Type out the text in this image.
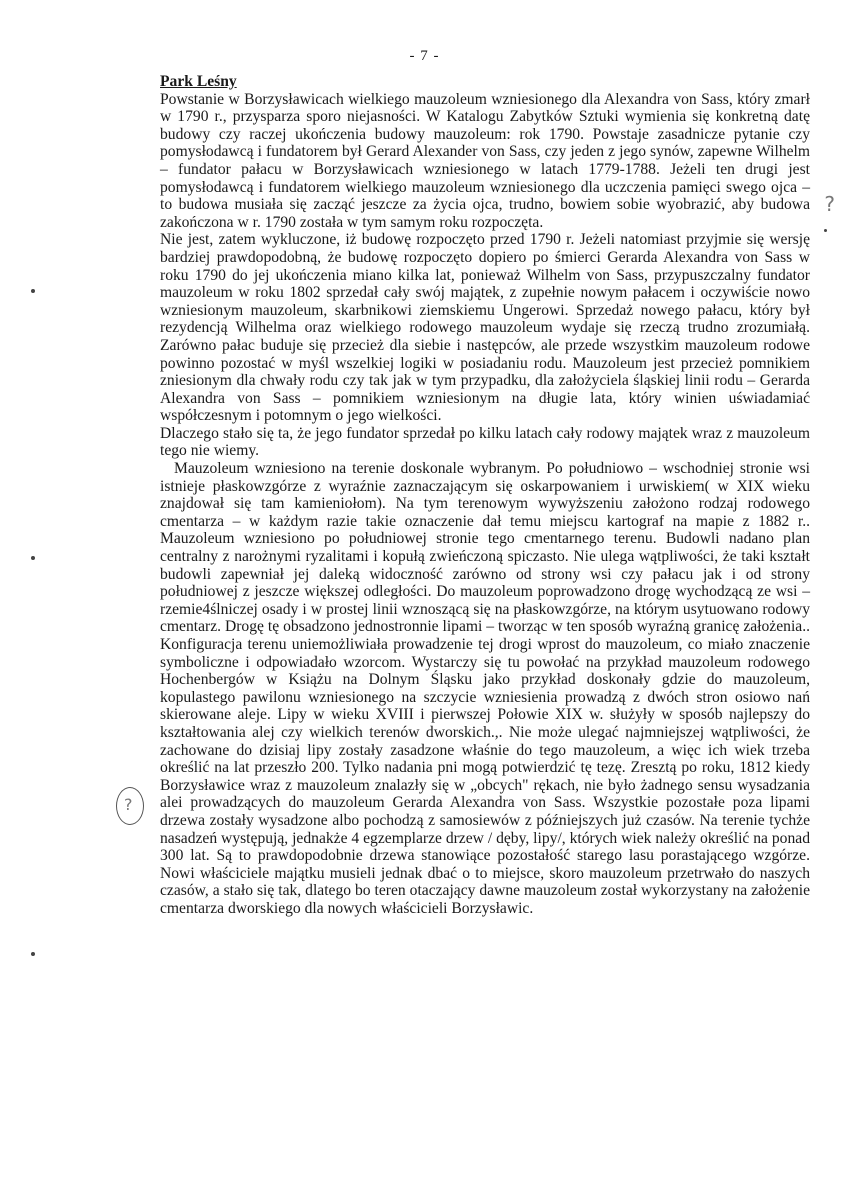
- 7 -

Park Leśny

Powstanie w Borzysławicach wielkiego mauzoleum wzniesionego dla Alexandra von Sass, który zmarł w 1790 r., przysparza sporo niejasności. W Katalogu Zabytków Sztuki wymienia się konkretną datę budowy czy raczej ukończenia budowy mauzoleum: rok 1790. Powstaje zasadnicze pytanie czy pomysłodawcą i fundatorem był Gerard Alexander von Sass, czy jeden z jego synów, zapewne Wilhelm – fundator pałacu w Borzysławicach wzniesionego w latach 1779-1788. Jeżeli ten drugi jest pomysłodawcą i fundatorem wielkiego mauzoleum wzniesionego dla uczczenia pamięci swego ojca – to budowa musiała się zacząć jeszcze za życia ojca, trudno, bowiem sobie wyobrazić, aby budowa zakończona w r. 1790 została w tym samym roku rozpoczęta.

Nie jest, zatem wykluczone, iż budowę rozpoczęto przed 1790 r. Jeżeli natomiast przyjmie się wersję bardziej prawdopodobną, że budowę rozpoczęto dopiero po śmierci Gerarda Alexandra von Sass w roku 1790 do jej ukończenia miano kilka lat, ponieważ Wilhelm von Sass, przypuszczalny fundator mauzoleum w roku 1802 sprzedał cały swój majątek, z zupełnie nowym pałacem i oczywiście nowo wzniesionym mauzoleum, skarbnikowi ziemskiemu Ungerowi. Sprzedaż nowego pałacu, który był rezydencją Wilhelma oraz wielkiego rodowego mauzoleum wydaje się rzeczą trudno zrozumiałą. Zarówno pałac buduje się przecież dla siebie i następców, ale przede wszystkim mauzoleum rodowe powinno pozostać w myśl wszelkiej logiki w posiadaniu rodu. Mauzoleum jest przecież pomnikiem zniesionym dla chwały rodu czy tak jak w tym przypadku, dla założyciela śląskiej linii rodu – Gerarda Alexandra von Sass – pomnikiem wzniesionym na długie lata, który winien uświadamiać współczesnym i potomnym o jego wielkości.

Dlaczego stało się ta, że jego fundator sprzedał po kilku latach cały rodowy majątek wraz z mauzoleum tego nie wiemy.

Mauzoleum wzniesiono na terenie doskonale wybranym. Po południowo – wschodniej stronie wsi istnieje płaskowzgórze z wyraźnie zaznaczającym się oskarpowaniem i urwiskiem( w XIX wieku znajdował się tam kamieniołom). Na tym terenowym wywyższeniu założono rodzaj rodowego cmentarza – w każdym razie takie oznaczenie dał temu miejscu kartograf na mapie z 1882 r.. Mauzoleum wzniesiono po południowej stronie tego cmentarnego terenu. Budowli nadano plan centralny z narożnymi ryzalitami i kopułą zwieńczoną spiczasto. Nie ulega wątpliwości, że taki kształt budowli zapewniał jej daleką widoczność zarówno od strony wsi czy pałacu jak i od strony południowej z jeszcze większej odległości. Do mauzoleum poprowadzono drogę wychodzącą ze wsi – rzemie4ślniczej osady i w prostej linii wznoszącą się na płaskowzgórze, na którym usytuowano rodowy cmentarz. Drogę tę obsadzono jednostronnie lipami – tworząc w ten sposób wyraźną granicę założenia.. Konfiguracja terenu uniemożliwiała prowadzenie tej drogi wprost do mauzoleum, co miało znaczenie symboliczne i odpowiadało wzorcom. Wystarczy się tu powołać na przykład mauzoleum rodowego Hochenbergów w Książu na Dolnym Śląsku jako przykład doskonały gdzie do mauzoleum, kopulastego pawilonu wzniesionego na szczycie wzniesienia prowadzą z dwóch stron osiowo nań skierowane aleje. Lipy w wieku XVIII i pierwszej Połowie XIX w. służyły w sposób najlepszy do kształtowania alej czy wielkich terenów dworskich.,. Nie może ulegać najmniejszej wątpliwości, że zachowane do dzisiaj lipy zostały zasadzone właśnie do tego mauzoleum, a więc ich wiek trzeba określić na lat przeszło 200. Tylko nadania pni mogą potwierdzić tę tezę. Zresztą po roku, 1812 kiedy Borzysławice wraz z mauzoleum znalazły się w „obcych" rękach, nie było żadnego sensu wysadzania alei prowadzących do mauzoleum Gerarda Alexandra von Sass. Wszystkie pozostałe poza lipami drzewa zostały wysadzone albo pochodzą z samosiewów z późniejszych już czasów. Na terenie tychże nasadzeń występują, jednakże 4 egzemplarze drzew / dęby, lipy/, których wiek należy określić na ponad 300 lat. Są to prawdopodobnie drzewa stanowiące pozostałość starego lasu porastającego wzgórze. Nowi właściciele majątku musieli jednak dbać o to miejsce, skoro mauzoleum przetrwało do naszych czasów, a stało się tak, dlatego bo teren otaczający dawne mauzoleum został wykorzystany na założenie cmentarza dworskiego dla nowych właścicieli Borzysławic.

?
?
